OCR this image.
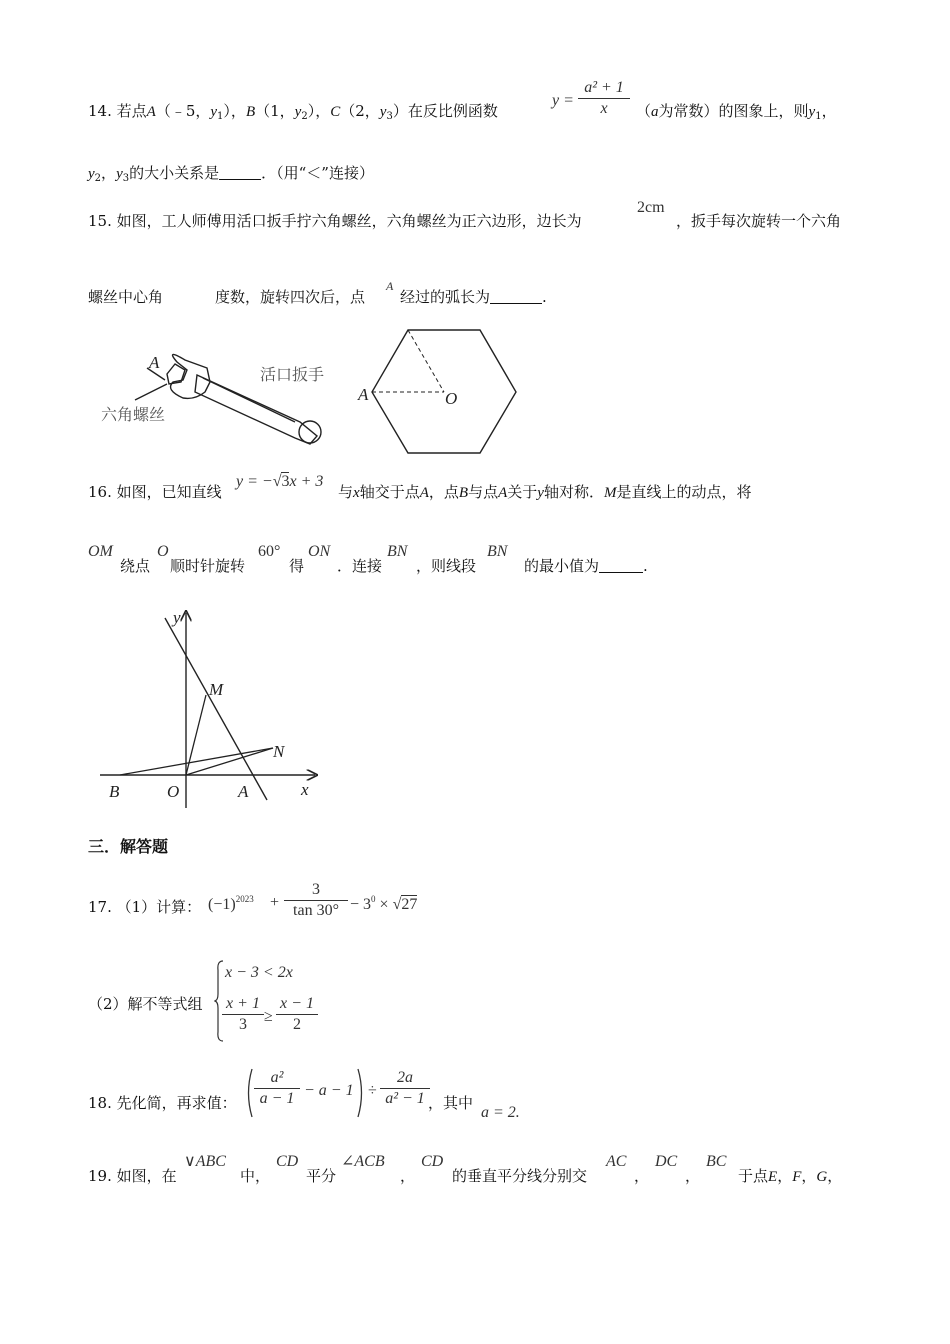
14. 若点A（﹣5，$y_1$），B（1，$y_2$），C（2，$y_3$）在反比例函数
$y = \frac{\text{a² + 1}}{x} (a$为常数）的图象上，则$y_1$，
$y_2$，$y_3$的大小关系是	．（用“＜”连接）
15. 如图，工人师傅用活口扳手拧六角螺丝，六角螺丝为正六边形，边长为
2cm
，扳手每次旋转一个六角
螺丝中心角	度数，旋转四次后，点
A
经过的弧长为	.
A
活口扳手
六角螺丝
A	O
16. 如图，已知直线
y = −√3x + 3
与x轴交于点A，点B与点A关于y轴对称．M是直线上的动点，将
OM
绕点
O
顺时针旋转
60°
得
ON
．连接
BN
，则线段
BN
的最小值为	.
y
x
M
N
B	O	A
三．解答题
17. （1）计算： $(-1)^{2023} + \frac{3}{\tan 30^\circ} - 3^0 \times √27$
（2）解不等式组
x − 3 < 2x
$\frac{x + 1}{3} \ge \frac{x - 1}{2}$
18. 先化简，再求值： $\frac{\text{a²}}{a - 1} - a - 1 \div \frac{2a}{\text{a² − 1}}$
，其中
a = 2.
19. 如图，在
∨ABC
中，
CD
平分
∠ACB
，
CD
的垂直平分线分别交
AC
，
DC
，
BC
于点E，F，G，
